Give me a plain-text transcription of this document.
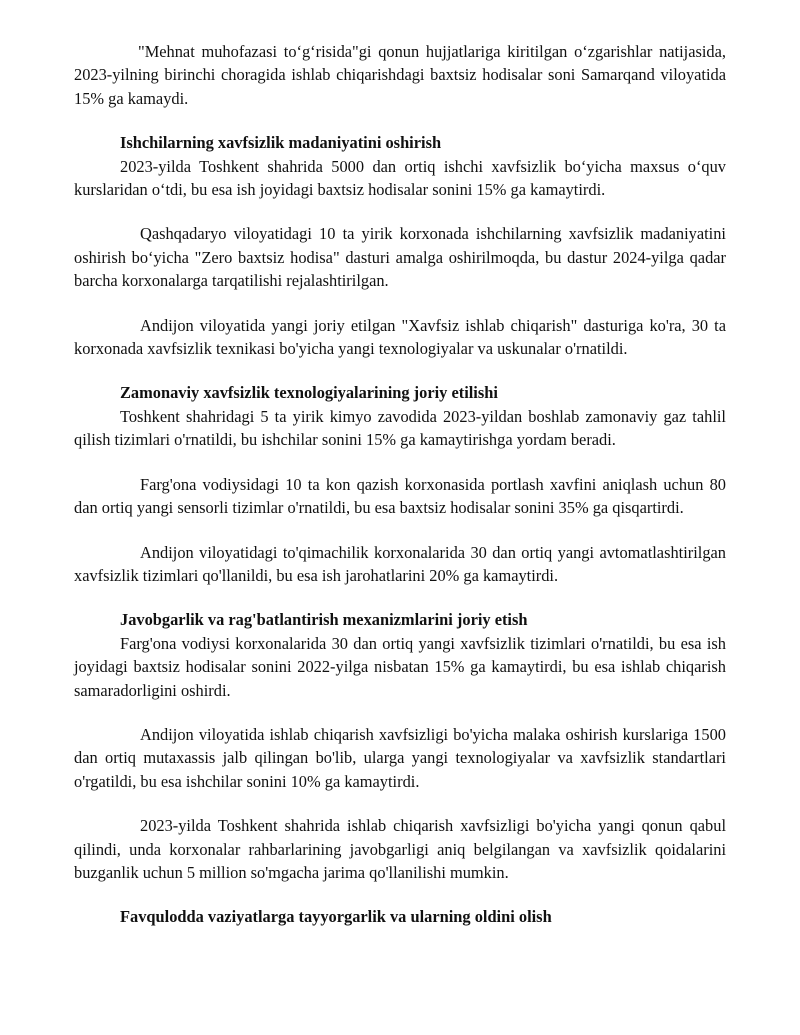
"Mehnat muhofazasi to‘g‘risida"gi qonun hujjatlariga kiritilgan o‘zgarishlar natijasida, 2023-yilning birinchi choragida ishlab chiqarishdagi baxtsiz hodisalar soni Samarqand viloyatida 15% ga kamaydi.

Ishchilarning xavfsizlik madaniyatini oshirish

2023-yilda Toshkent shahrida 5000 dan ortiq ishchi xavfsizlik bo‘yicha maxsus o‘quv kurslaridan o‘tdi, bu esa ish joyidagi baxtsiz hodisalar sonini 15% ga kamaytirdi.

Qashqadaryo viloyatidagi 10 ta yirik korxonada ishchilarning xavfsizlik madaniyatini oshirish bo‘yicha "Zero baxtsiz hodisa" dasturi amalga oshirilmoqda, bu dastur 2024-yilga qadar barcha korxonalarga tarqatilishi rejalashtirilgan.

Andijon viloyatida yangi joriy etilgan "Xavfsiz ishlab chiqarish" dasturiga ko'ra, 30 ta korxonada xavfsizlik texnikasi bo'yicha yangi texnologiyalar va uskunalar o'rnatildi.

Zamonaviy xavfsizlik texnologiyalarining joriy etilishi

Toshkent shahridagi 5 ta yirik kimyo zavodida 2023-yildan boshlab zamonaviy gaz tahlil qilish tizimlari o'rnatildi, bu ishchilar sonini 15% ga kamaytirishga yordam beradi.

Farg'ona vodiysidagi 10 ta kon qazish korxonasida portlash xavfini aniqlash uchun 80 dan ortiq yangi sensorli tizimlar o'rnatildi, bu esa baxtsiz hodisalar sonini 35% ga qisqartirdi.

Andijon viloyatidagi to'qimachilik korxonalarida 30 dan ortiq yangi avtomatlashtirilgan xavfsizlik tizimlari qo'llanildi, bu esa ish jarohatlarini 20% ga kamaytirdi.

Javobgarlik va rag'batlantirish mexanizmlarini joriy etish

Farg'ona vodiysi korxonalarida 30 dan ortiq yangi xavfsizlik tizimlari o'rnatildi, bu esa ish joyidagi baxtsiz hodisalar sonini 2022-yilga nisbatan 15% ga kamaytirdi, bu esa ishlab chiqarish samaradorligini oshirdi.

Andijon viloyatida ishlab chiqarish xavfsizligi bo'yicha malaka oshirish kurslariga 1500 dan ortiq mutaxassis jalb qilingan bo'lib, ularga yangi texnologiyalar va xavfsizlik standartlari o'rgatildi, bu esa ishchilar sonini 10% ga kamaytirdi.

2023-yilda Toshkent shahrida ishlab chiqarish xavfsizligi bo'yicha yangi qonun qabul qilindi, unda korxonalar rahbarlarining javobgarligi aniq belgilangan va xavfsizlik qoidalarini buzganlik uchun 5 million so'mgacha jarima qo'llanilishi mumkin.

Favqulodda vaziyatlarga tayyorgarlik va ularning oldini olish
